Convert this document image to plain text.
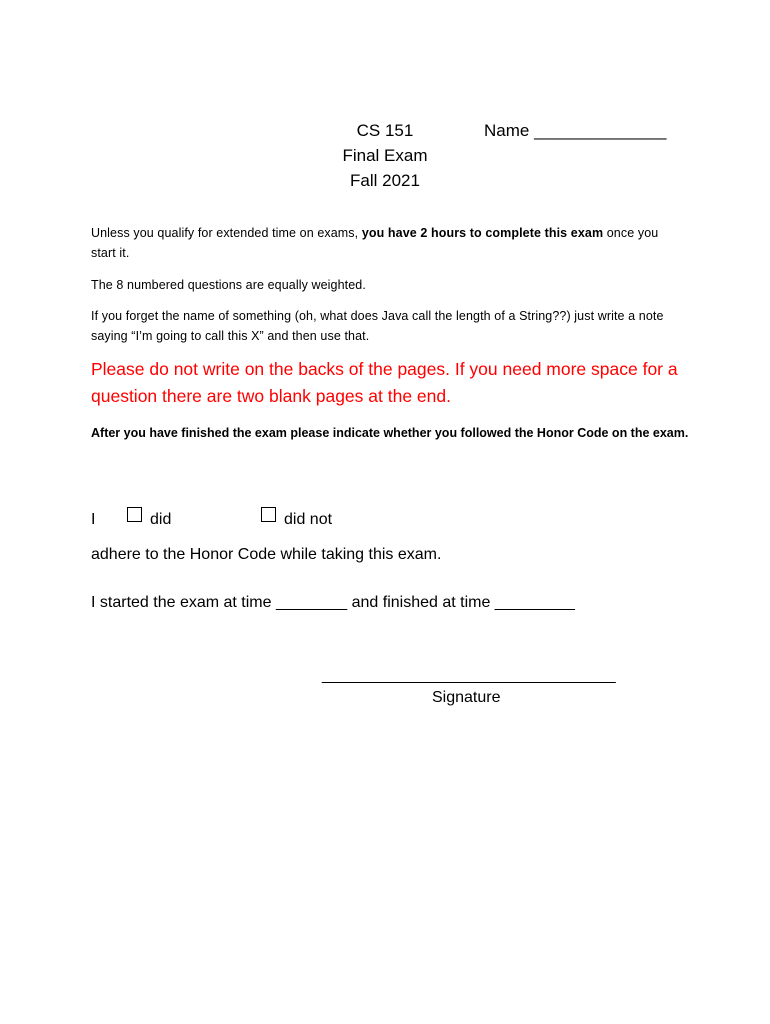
CS 151
Final Exam
Fall 2021
Name ______________
Unless you qualify for extended time on exams, you have 2 hours to complete this exam once you start it.
The 8 numbered questions are equally weighted.
If you forget the name of something (oh, what does Java call the length of a String??) just write a note saying “I’m going to call this X” and then use that.
Please do not write on the backs of the pages. If you need more space for a question there are two blank pages at the end.
After you have finished the exam please indicate whether you followed the Honor Code on the exam.
I	did	did not
adhere to the Honor Code while taking this exam.
I started the exam at time ________ and finished at time _________
_________________________________
Signature
